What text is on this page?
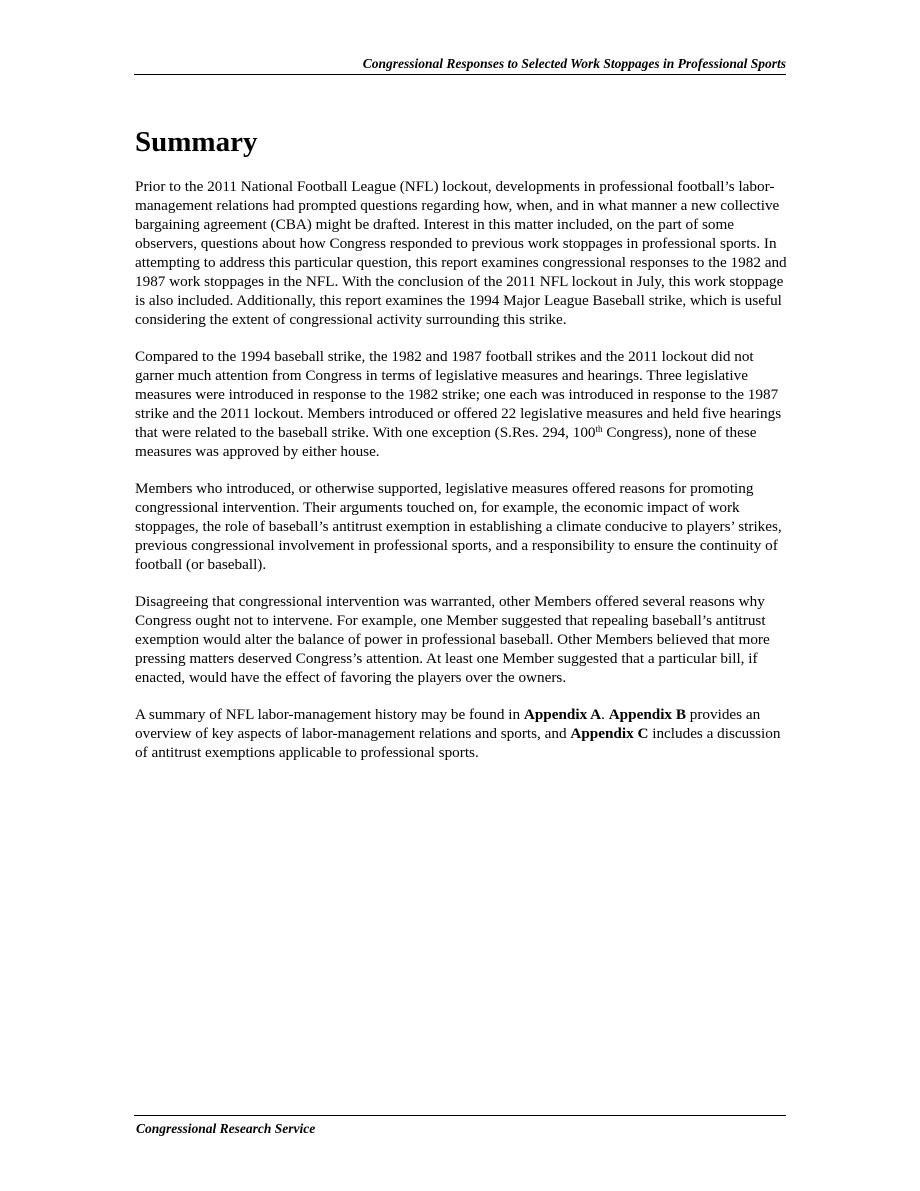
Congressional Responses to Selected Work Stoppages in Professional Sports
Summary

Prior to the 2011 National Football League (NFL) lockout, developments in professional football’s labor-management relations had prompted questions regarding how, when, and in what manner a new collective bargaining agreement (CBA) might be drafted. Interest in this matter included, on the part of some observers, questions about how Congress responded to previous work stoppages in professional sports. In attempting to address this particular question, this report examines congressional responses to the 1982 and 1987 work stoppages in the NFL. With the conclusion of the 2011 NFL lockout in July, this work stoppage is also included. Additionally, this report examines the 1994 Major League Baseball strike, which is useful considering the extent of congressional activity surrounding this strike.

Compared to the 1994 baseball strike, the 1982 and 1987 football strikes and the 2011 lockout did not garner much attention from Congress in terms of legislative measures and hearings. Three legislative measures were introduced in response to the 1982 strike; one each was introduced in response to the 1987 strike and the 2011 lockout. Members introduced or offered 22 legislative measures and held five hearings that were related to the baseball strike. With one exception (S.Res. 294, 100th Congress), none of these measures was approved by either house.

Members who introduced, or otherwise supported, legislative measures offered reasons for promoting congressional intervention. Their arguments touched on, for example, the economic impact of work stoppages, the role of baseball’s antitrust exemption in establishing a climate conducive to players’ strikes, previous congressional involvement in professional sports, and a responsibility to ensure the continuity of football (or baseball).

Disagreeing that congressional intervention was warranted, other Members offered several reasons why Congress ought not to intervene. For example, one Member suggested that repealing baseball’s antitrust exemption would alter the balance of power in professional baseball. Other Members believed that more pressing matters deserved Congress’s attention. At least one Member suggested that a particular bill, if enacted, would have the effect of favoring the players over the owners.

A summary of NFL labor-management history may be found in Appendix A. Appendix B provides an overview of key aspects of labor-management relations and sports, and Appendix C includes a discussion of antitrust exemptions applicable to professional sports.

Congressional Research Service
